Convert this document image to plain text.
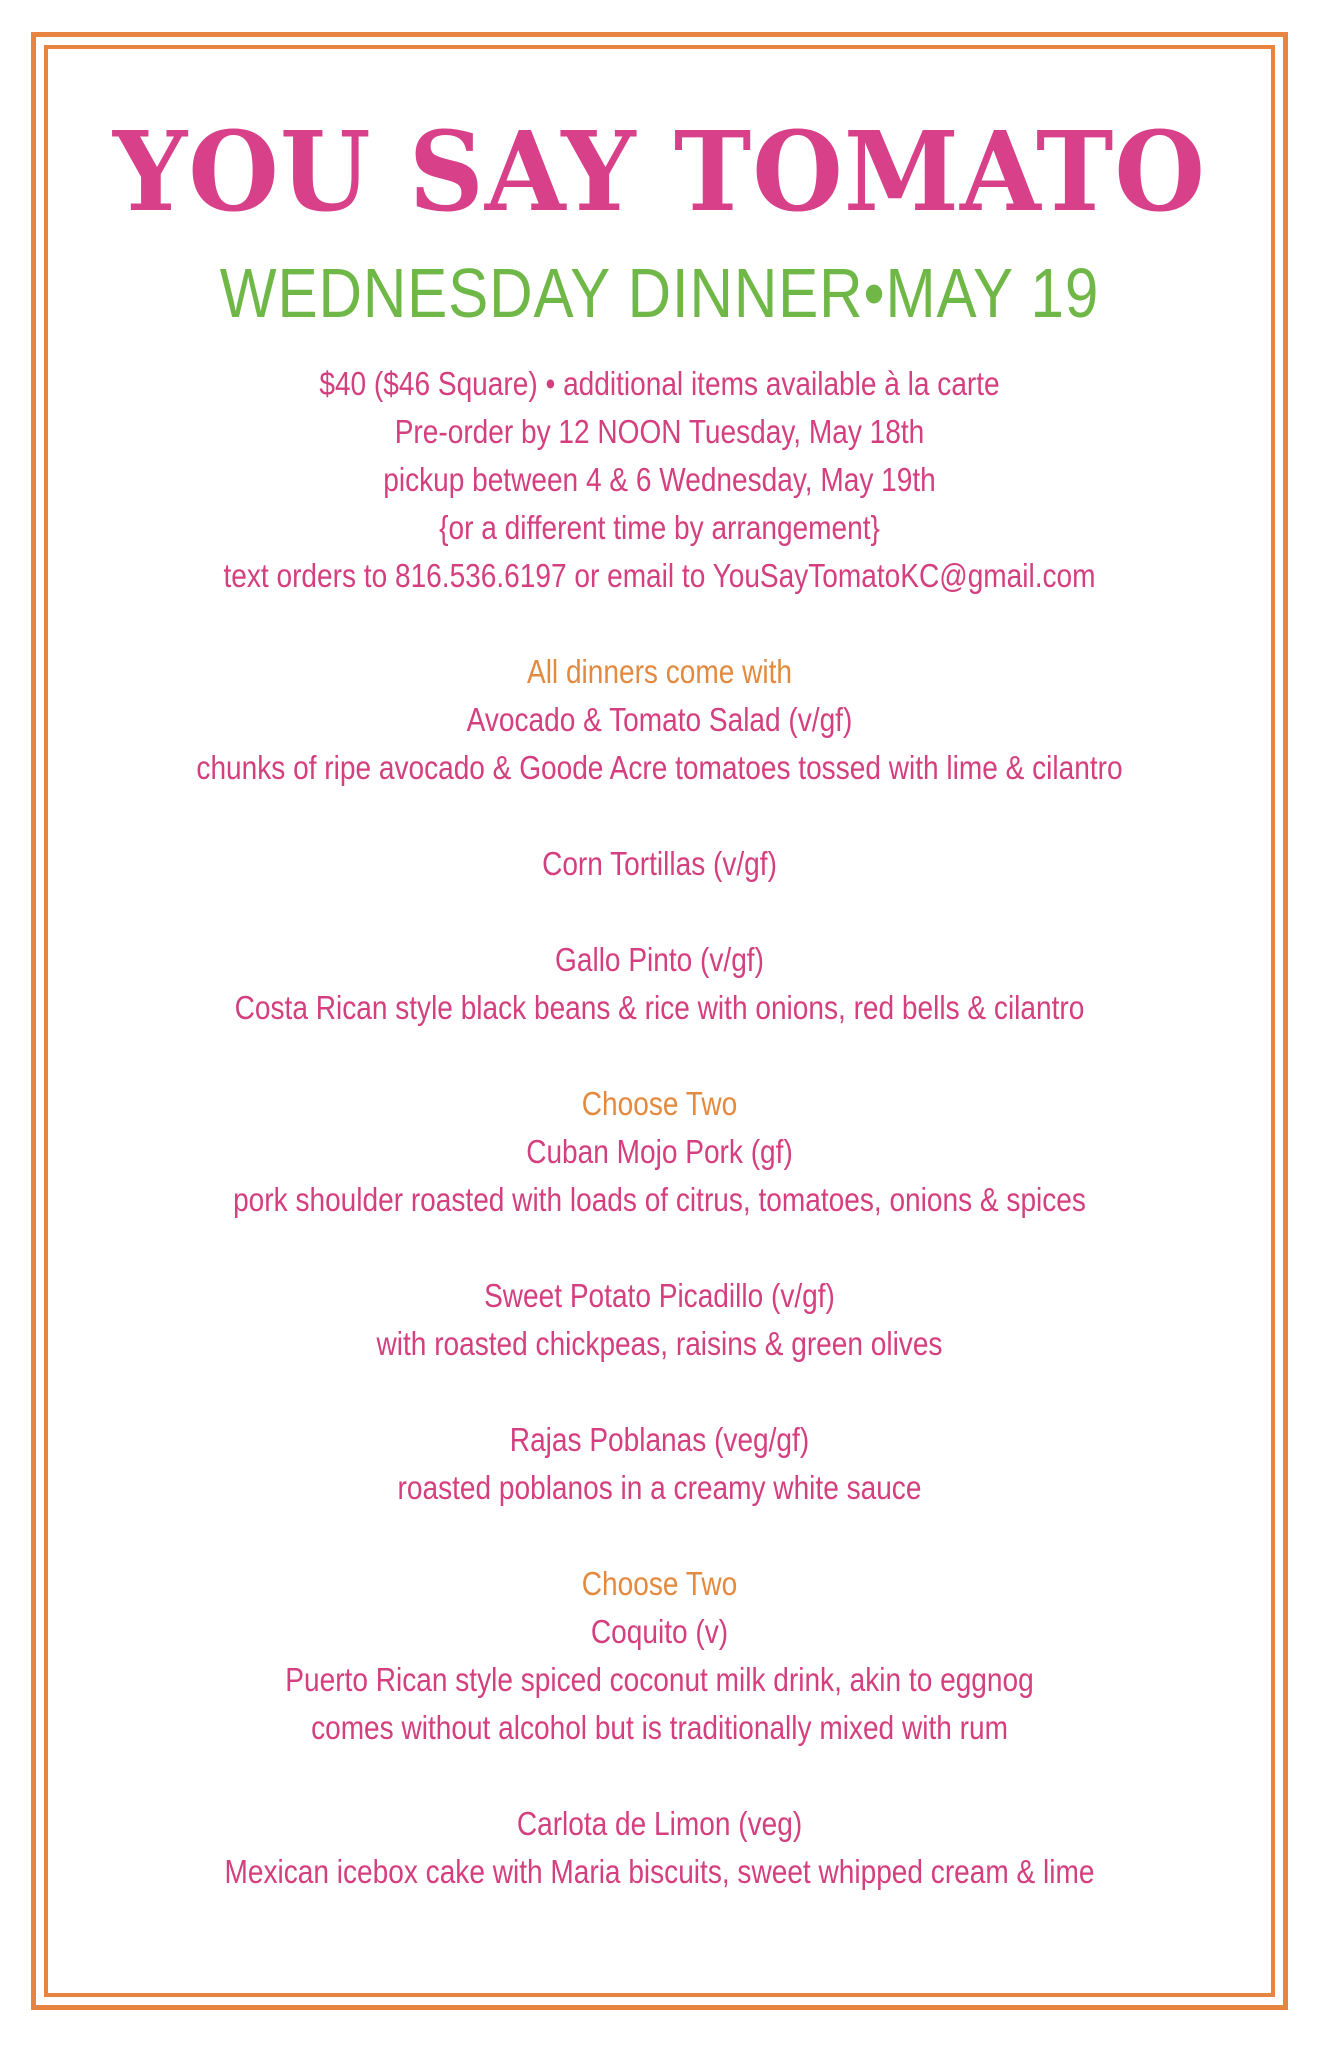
YOU SAY TOMATO
WEDNESDAY DINNER•MAY 19
$40 ($46 Square) • additional items available à la carte
Pre-order by 12 NOON Tuesday, May 18th
pickup between 4 & 6 Wednesday, May 19th
{or a different time by arrangement}
text orders to 816.536.6197 or email to YouSayTomatoKC@gmail.com
All dinners come with
Avocado & Tomato Salad (v/gf)
chunks of ripe avocado & Goode Acre tomatoes tossed with lime & cilantro
Corn Tortillas (v/gf)
Gallo Pinto (v/gf)
Costa Rican style black beans & rice with onions, red bells & cilantro
Choose Two
Cuban Mojo Pork (gf)
pork shoulder roasted with loads of citrus, tomatoes, onions & spices
Sweet Potato Picadillo (v/gf)
with roasted chickpeas, raisins & green olives
Rajas Poblanas (veg/gf)
roasted poblanos in a creamy white sauce
Choose Two
Coquito (v)
Puerto Rican style spiced coconut milk drink, akin to eggnog
comes without alcohol but is traditionally mixed with rum
Carlota de Limon (veg)
Mexican icebox cake with Maria biscuits, sweet whipped cream & lime
